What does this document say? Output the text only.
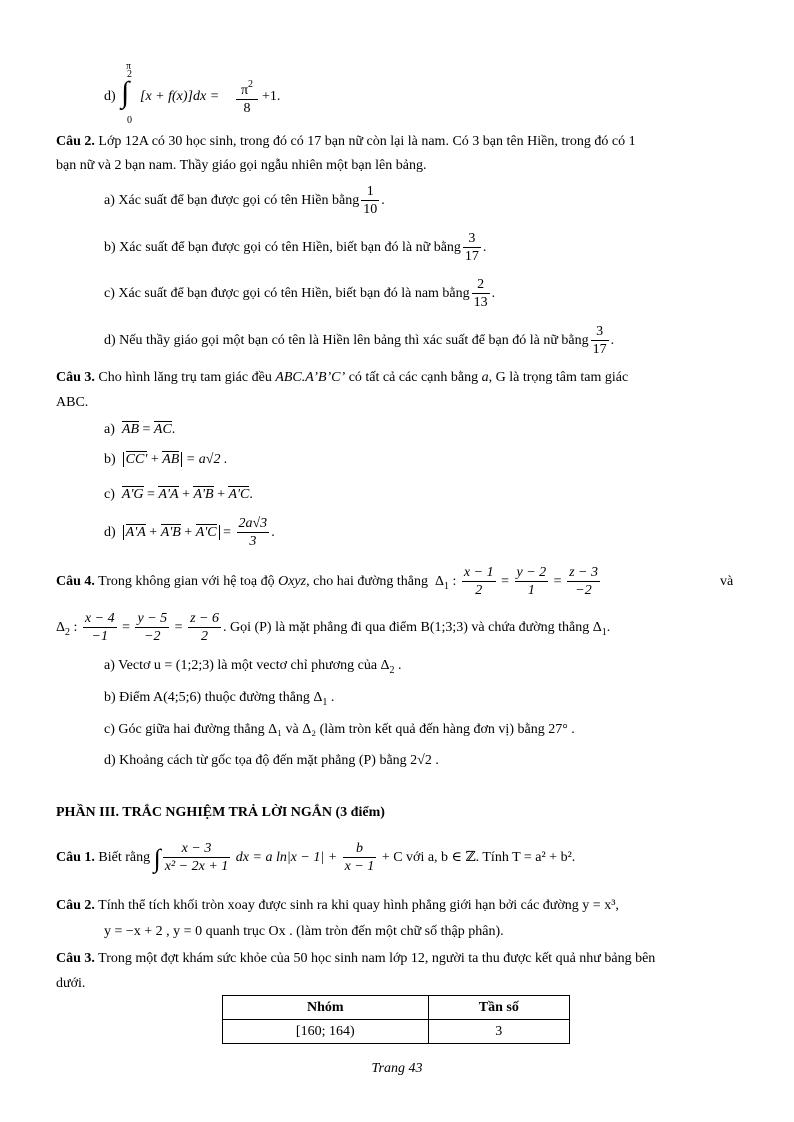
d)
π
2
∫
0
[x + f(x)]dx =	$\pi^2$
8
+1.
Câu 2. Lớp 12A có 30 học sinh, trong đó có 17 bạn nữ còn lại là nam. Có 3 bạn tên Hiền, trong đó có 1
bạn nữ và 2 bạn nam. Thầy giáo gọi ngẫu nhiên một bạn lên bảng.
a) Xác suất để bạn được gọi có tên Hiền bằng $\frac{1}{10}$ .
b) Xác suất để bạn được gọi có tên Hiền, biết bạn đó là nữ bằng $\frac{3}{17}$ .
c) Xác suất để bạn được gọi có tên Hiền, biết bạn đó là nam bằng $\frac{2}{13}$ .
d) Nếu thầy giáo gọi một bạn có tên là Hiền lên bảng thì xác suất để bạn đó là nữ bằng $\frac{3}{17}$ .
Câu 3. Cho hình lăng trụ tam giác đều ABC.A’B’C’ có tất cả các cạnh bằng a, G là trọng tâm tam giác
ABC.
a) AB = AC.
b) CC' + AB = a√2 .
c) A'G = A'A + A'B + A'C.
d) $A'A + A'B + A'C = \frac{2a√3}{3}$ .
Câu 4. Trong không gian với hệ toạ độ Oxyz, cho hai đường thẳng $\Delta_1$ : $\frac{x - 1}{2} = \frac{y - 2}{1} = \frac{z - 3}{-2}$	và
$\Delta_2$ : $\frac{x - 4}{-1} = \frac{y - 5}{-2} = \frac{z - 6}{2}$ . Gọi (P) là mặt phẳng đi qua điểm B(1;3;3) và chứa đường thẳng $\Delta_1$.
a) Vectơ u = (1;2;3) là một vectơ chỉ phương của $\Delta_2$ .
b) Điểm A(4;5;6) thuộc đường thẳng $\Delta_1$ .
c) Góc giữa hai đường thẳng Δ₁ và Δ₂ (làm tròn kết quả đến hàng đơn vị) bằng 27° .
d) Khoảng cách từ gốc tọa độ đến mặt phẳng (P) bằng 2√2 .
PHẦN III. TRẮC NGHIỆM TRẢ LỜI NGẮN (3 điểm)
Câu 1. Biết rằng ∫ $\frac{x - 3}{\text{x² − 2x + 1}}$ dx = a $\ln|x - 1| + \frac{b}{x - 1} + C$ với a, b ∈ ℤ. Tính T = a² + b².
Câu 2. Tính thể tích khối tròn xoay được sinh ra khi quay hình phẳng giới hạn bởi các đường y = x³,
y = −x + 2 , y = 0 quanh trục Ox . (làm tròn đến một chữ số thập phân).
Câu 3. Trong một đợt khám sức khỏe của 50 học sinh nam lớp 12, người ta thu được kết quả như bảng bên
dưới.
Nhóm	Tần số
[160; 164)	3
Trang 43
